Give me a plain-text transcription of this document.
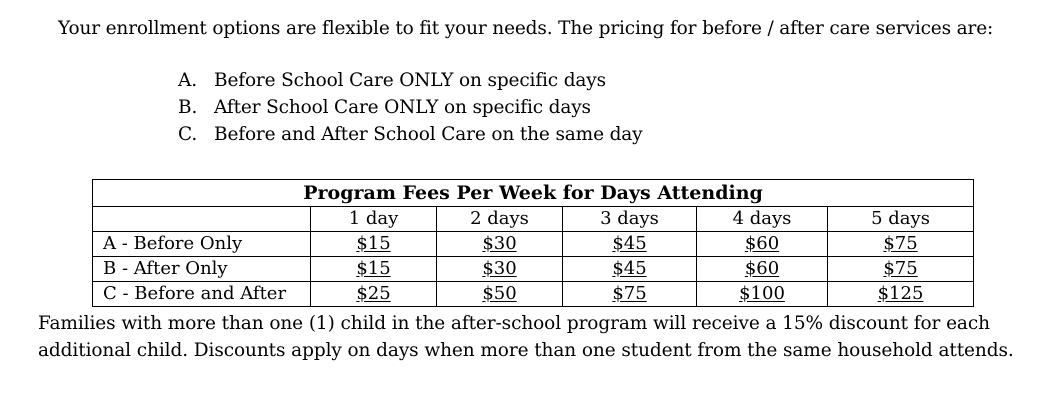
Your enrollment options are flexible to fit your needs. The pricing for before / after care services are:

A. Before School Care ONLY on specific days
B. After School Care ONLY on specific days
C. Before and After School Care on the same day
Program Fees Per Week for Days Attending					
	1 day	2 days	3 days	4 days	5 days
A - Before Only	$15	$30	$45	$60	$75
B - After Only	$15	$30	$45	$60	$75
C - Before and After	$25	$50	$75	$100	$125

Families with more than one (1) child in the after-school program will receive a 15% discount for each additional child. Discounts apply on days when more than one student from the same household attends.
